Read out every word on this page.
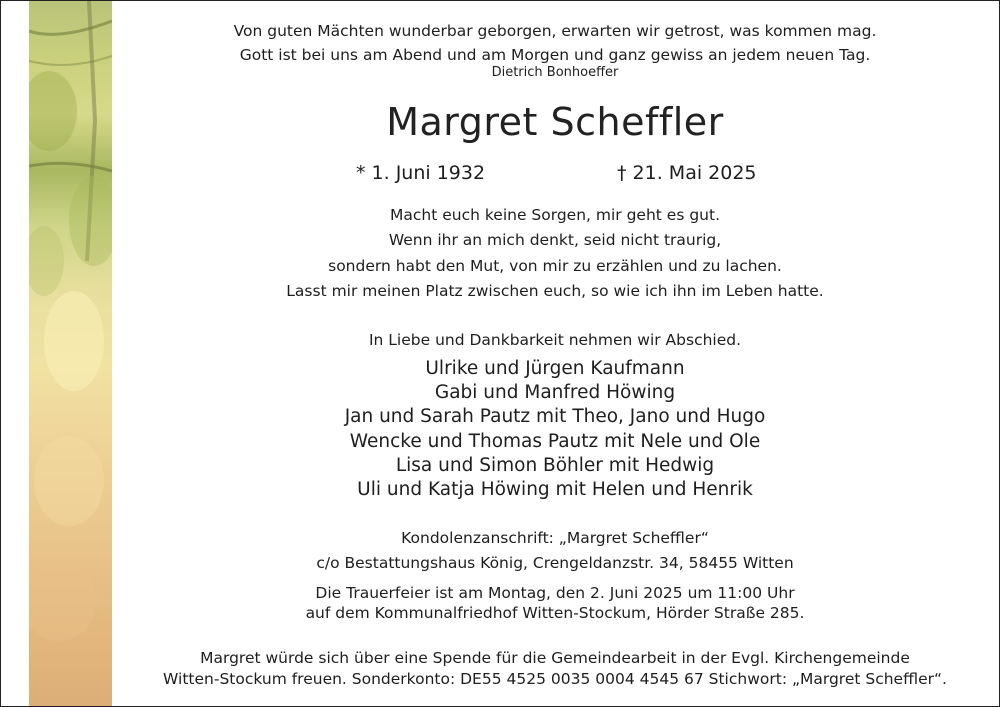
Von guten Mächten wunderbar geborgen, erwarten wir getrost, was kommen mag.
Gott ist bei uns am Abend und am Morgen und ganz gewiss an jedem neuen Tag.
Dietrich Bonhoeffer
Margret Scheffler
* 1. Juni 1932	† 21. Mai 2025
Macht euch keine Sorgen, mir geht es gut.
Wenn ihr an mich denkt, seid nicht traurig,
sondern habt den Mut, von mir zu erzählen und zu lachen.
Lasst mir meinen Platz zwischen euch, so wie ich ihn im Leben hatte.
In Liebe und Dankbarkeit nehmen wir Abschied.
Ulrike und Jürgen Kaufmann
Gabi und Manfred Höwing
Jan und Sarah Pautz mit Theo, Jano und Hugo
Wencke und Thomas Pautz mit Nele und Ole
Lisa und Simon Böhler mit Hedwig
Uli und Katja Höwing mit Helen und Henrik
Kondolenzanschrift: „Margret Scheffler“
c/o Bestattungshaus König, Crengeldanzstr. 34, 58455 Witten
Die Trauerfeier ist am Montag, den 2. Juni 2025 um 11:00 Uhr
auf dem Kommunalfriedhof Witten-Stockum, Hörder Straße 285.
Margret würde sich über eine Spende für die Gemeindearbeit in der Evgl. Kirchengemeinde
Witten-Stockum freuen. Sonderkonto: DE55 4525 0035 0004 4545 67 Stichwort: „Margret Scheffler“.
